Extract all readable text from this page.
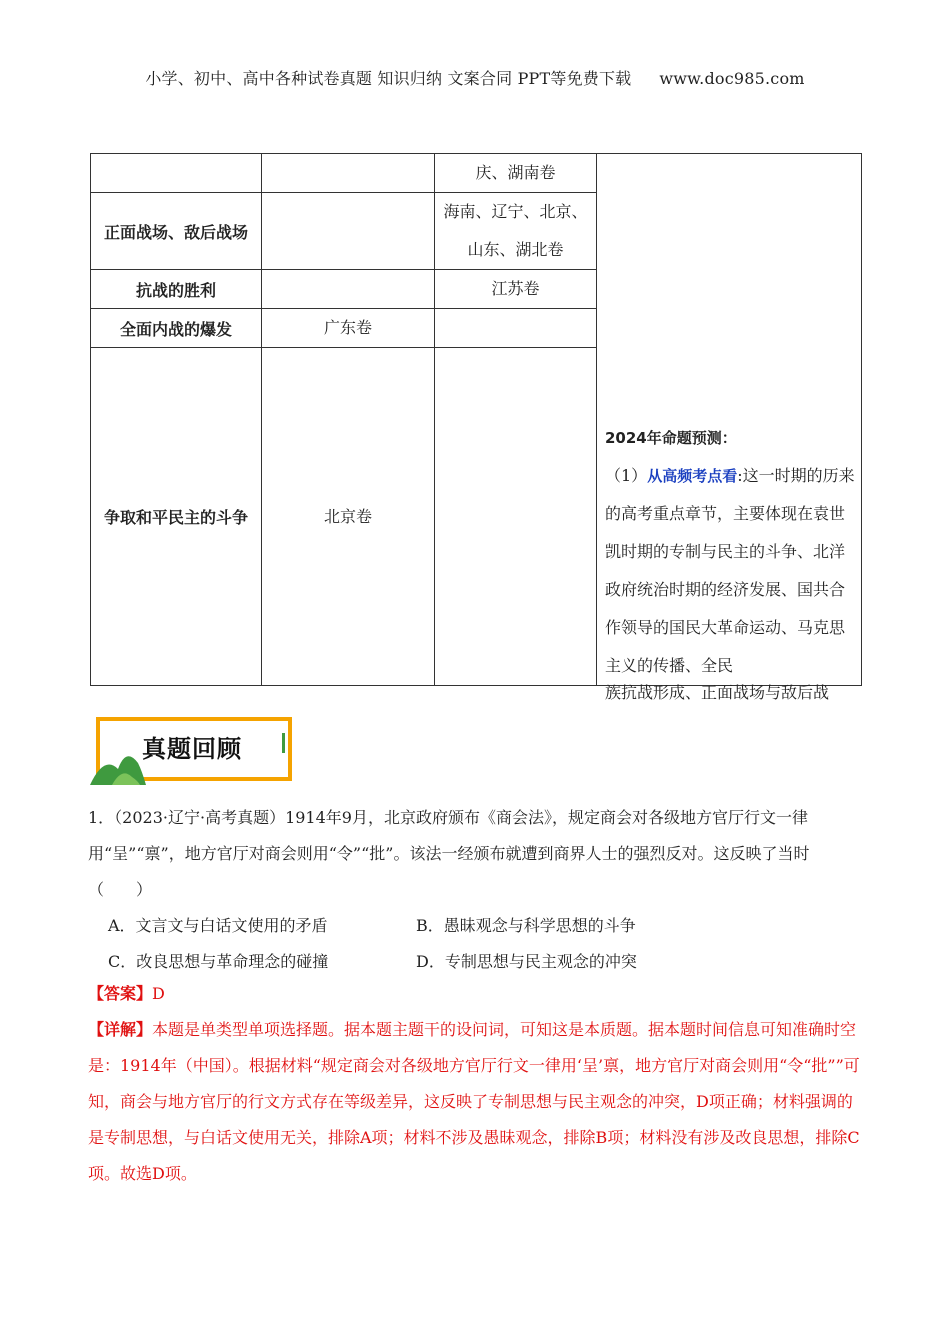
小学、初中、高中各种试卷真题 知识归纳 文案合同 PPT等免费下载 www.doc985.com
		庆、湖南卷	2024年命题预测：
（1）从高频考点看:这一时期的历来的高考重点章节，主要体现在袁世凯时期的专制与民主的斗争、北洋政府统治时期的经济发展、国共合作领导的国民大革命运动、马克思主义的传播、全民

正面战场、敌后战场		海南、辽宁、北京、山东、湖北卷	
抗战的胜利		江苏卷	
全面内战的爆发	广东卷		
争取和平民主的斗争	北京卷		
族抗战形成、正面战场与敌后战
真题回顾

1．（2023·辽宁·高考真题）1914年9月，北京政府颁布《商会法》，规定商会对各级地方官厅行文一律用“呈”“禀”，地方官厅对商会则用“令”“批”。该法一经颁布就遭到商界人士的强烈反对。这反映了当时（　　）

A．文言文与白话文使用的矛盾	B．愚昧观念与科学思想的斗争
C．改良思想与革命理念的碰撞	D．专制思想与民主观念的冲突

【答案】D

【详解】本题是单类型单项选择题。据本题主题干的设问词，可知这是本质题。据本题时间信息可知准确时空是：1914年（中国）。根据材料“规定商会对各级地方官厅行文一律用‘呈’禀，地方官厅对商会则用“令“批””可知，商会与地方官厅的行文方式存在等级差异，这反映了专制思想与民主观念的冲突，D项正确；材料强调的是专制思想，与白话文使用无关，排除A项；材料不涉及愚昧观念，排除B项；材料没有涉及改良思想，排除C项。故选D项。
